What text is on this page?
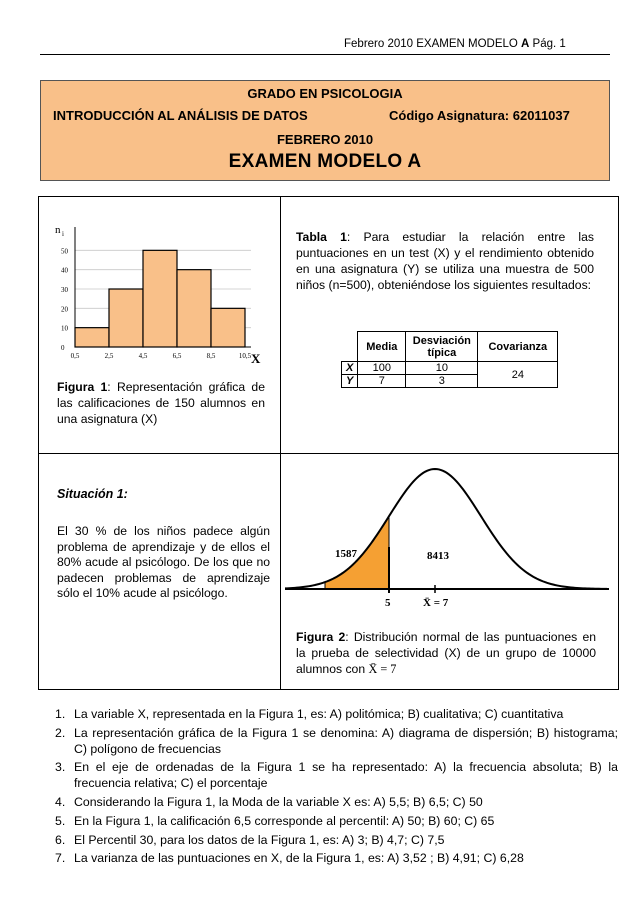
Febrero 2010 EXAMEN MODELO A Pág. 1
GRADO EN PSICOLOGIA
INTRODUCCIÓN AL ANÁLISIS DE DATOS	Código Asignatura: 62011037
FEBRERO 2010
EXAMEN MODELO A
n i
0
10
20
30
40
50
0,5	2,5	4,5	6,5	8,5	10,5 X
Figura 1: Representación gráfica de las calificaciones de 150 alumnos en una asignatura (X)
Tabla 1: Para estudiar la relación entre las puntuaciones en un test (X) y el rendimiento obtenido en una asignatura (Y) se utiliza una muestra de 500 niños (n=500), obteniéndose los siguientes resultados:
	Media	Desviación típica	Covarianza
X	100	10	24
Y	7	3	
Situación 1:
El 30 % de los niños padece algún problema de aprendizaje y de ellos el 80% acude al psicólogo. De los que no padecen problemas de aprendizaje sólo el 10% acude al psicólogo.
1587	8413
5	X̄ = 7
Figura 2: Distribución normal de las puntuaciones en la prueba de selectividad (X) de un grupo de 10000 alumnos con X̄ = 7
1. La variable X, representada en la Figura 1, es: A) politómica; B) cualitativa; C) cuantitativa
2. La representación gráfica de la Figura 1 se denomina: A) diagrama de dispersión; B) histograma; C) polígono de frecuencias
3. En el eje de ordenadas de la Figura 1 se ha representado: A) la frecuencia absoluta; B) la frecuencia relativa; C) el porcentaje
4. Considerando la Figura 1, la Moda de la variable X es: A) 5,5; B) 6,5; C) 50
5. En la Figura 1, la calificación 6,5 corresponde al percentil: A) 50; B) 60; C) 65
6. El Percentil 30, para los datos de la Figura 1, es: A) 3; B) 4,7; C) 7,5
7. La varianza de las puntuaciones en X, de la Figura 1, es: A) 3,52 ; B) 4,91; C) 6,28
